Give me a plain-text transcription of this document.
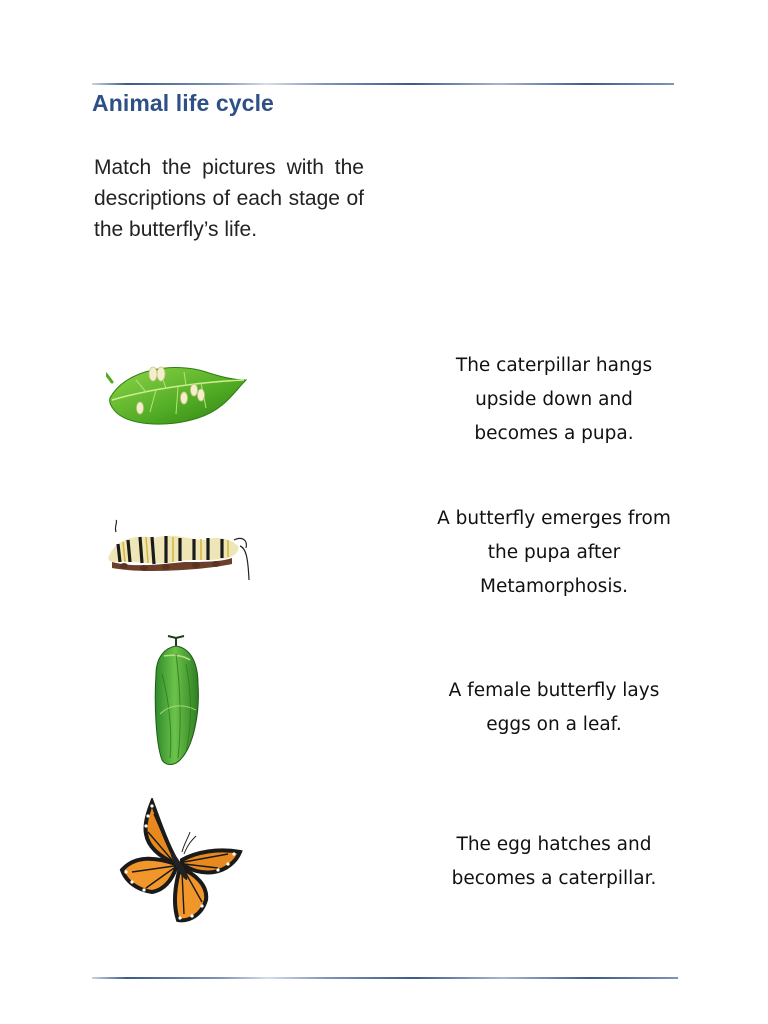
Animal life cycle
Match the pictures with the descriptions of each stage of the butterfly’s life.
The caterpillar hangs
upside down and
becomes a pupa.
A butterfly emerges from
the pupa after
Metamorphosis.
A female butterfly lays
eggs on a leaf.
The egg hatches and
becomes a caterpillar.
